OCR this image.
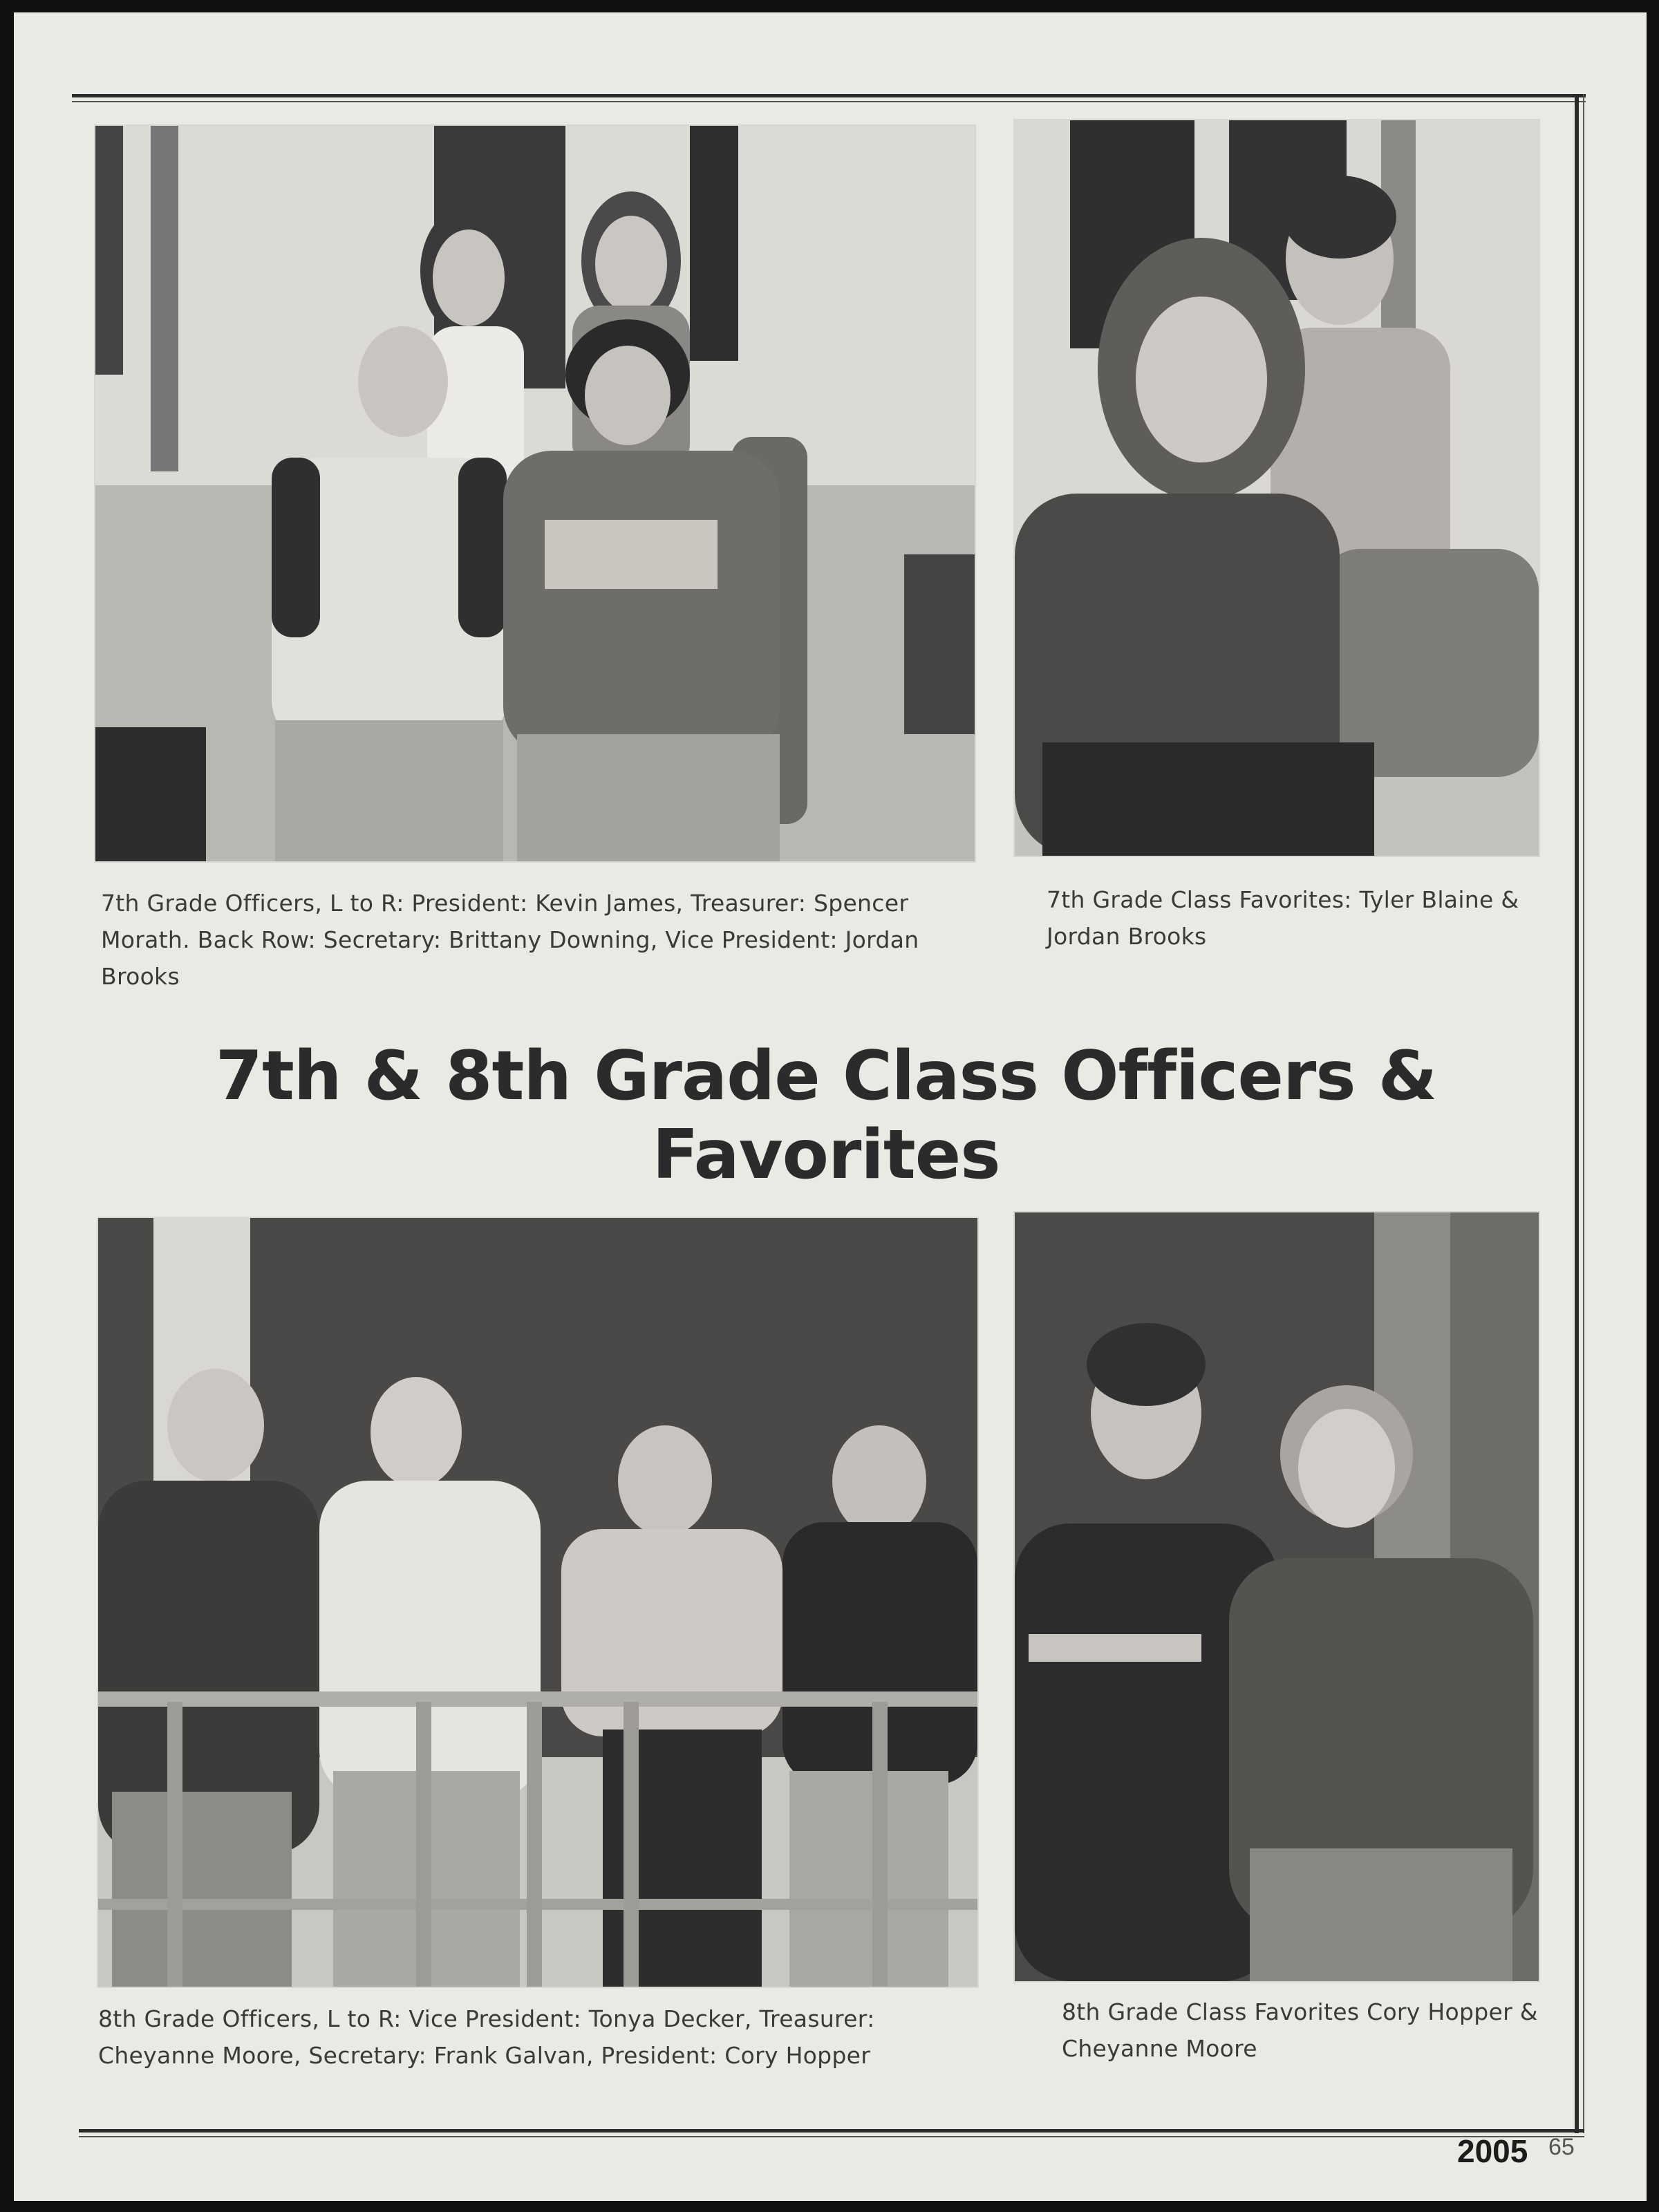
7th Grade Officers, L to R: President: Kevin James, Treasurer: Spencer Morath. Back Row: Secretary: Brittany Downing, Vice President: Jordan Brooks
7th Grade Class Favorites: Tyler Blaine & Jordan Brooks
7th & 8th Grade Class Officers & Favorites
8th Grade Officers, L to R: Vice President: Tonya Decker, Treasurer: Cheyanne Moore, Secretary: Frank Galvan, President: Cory Hopper
8th Grade Class Favorites Cory Hopper & Cheyanne Moore
2005 65
